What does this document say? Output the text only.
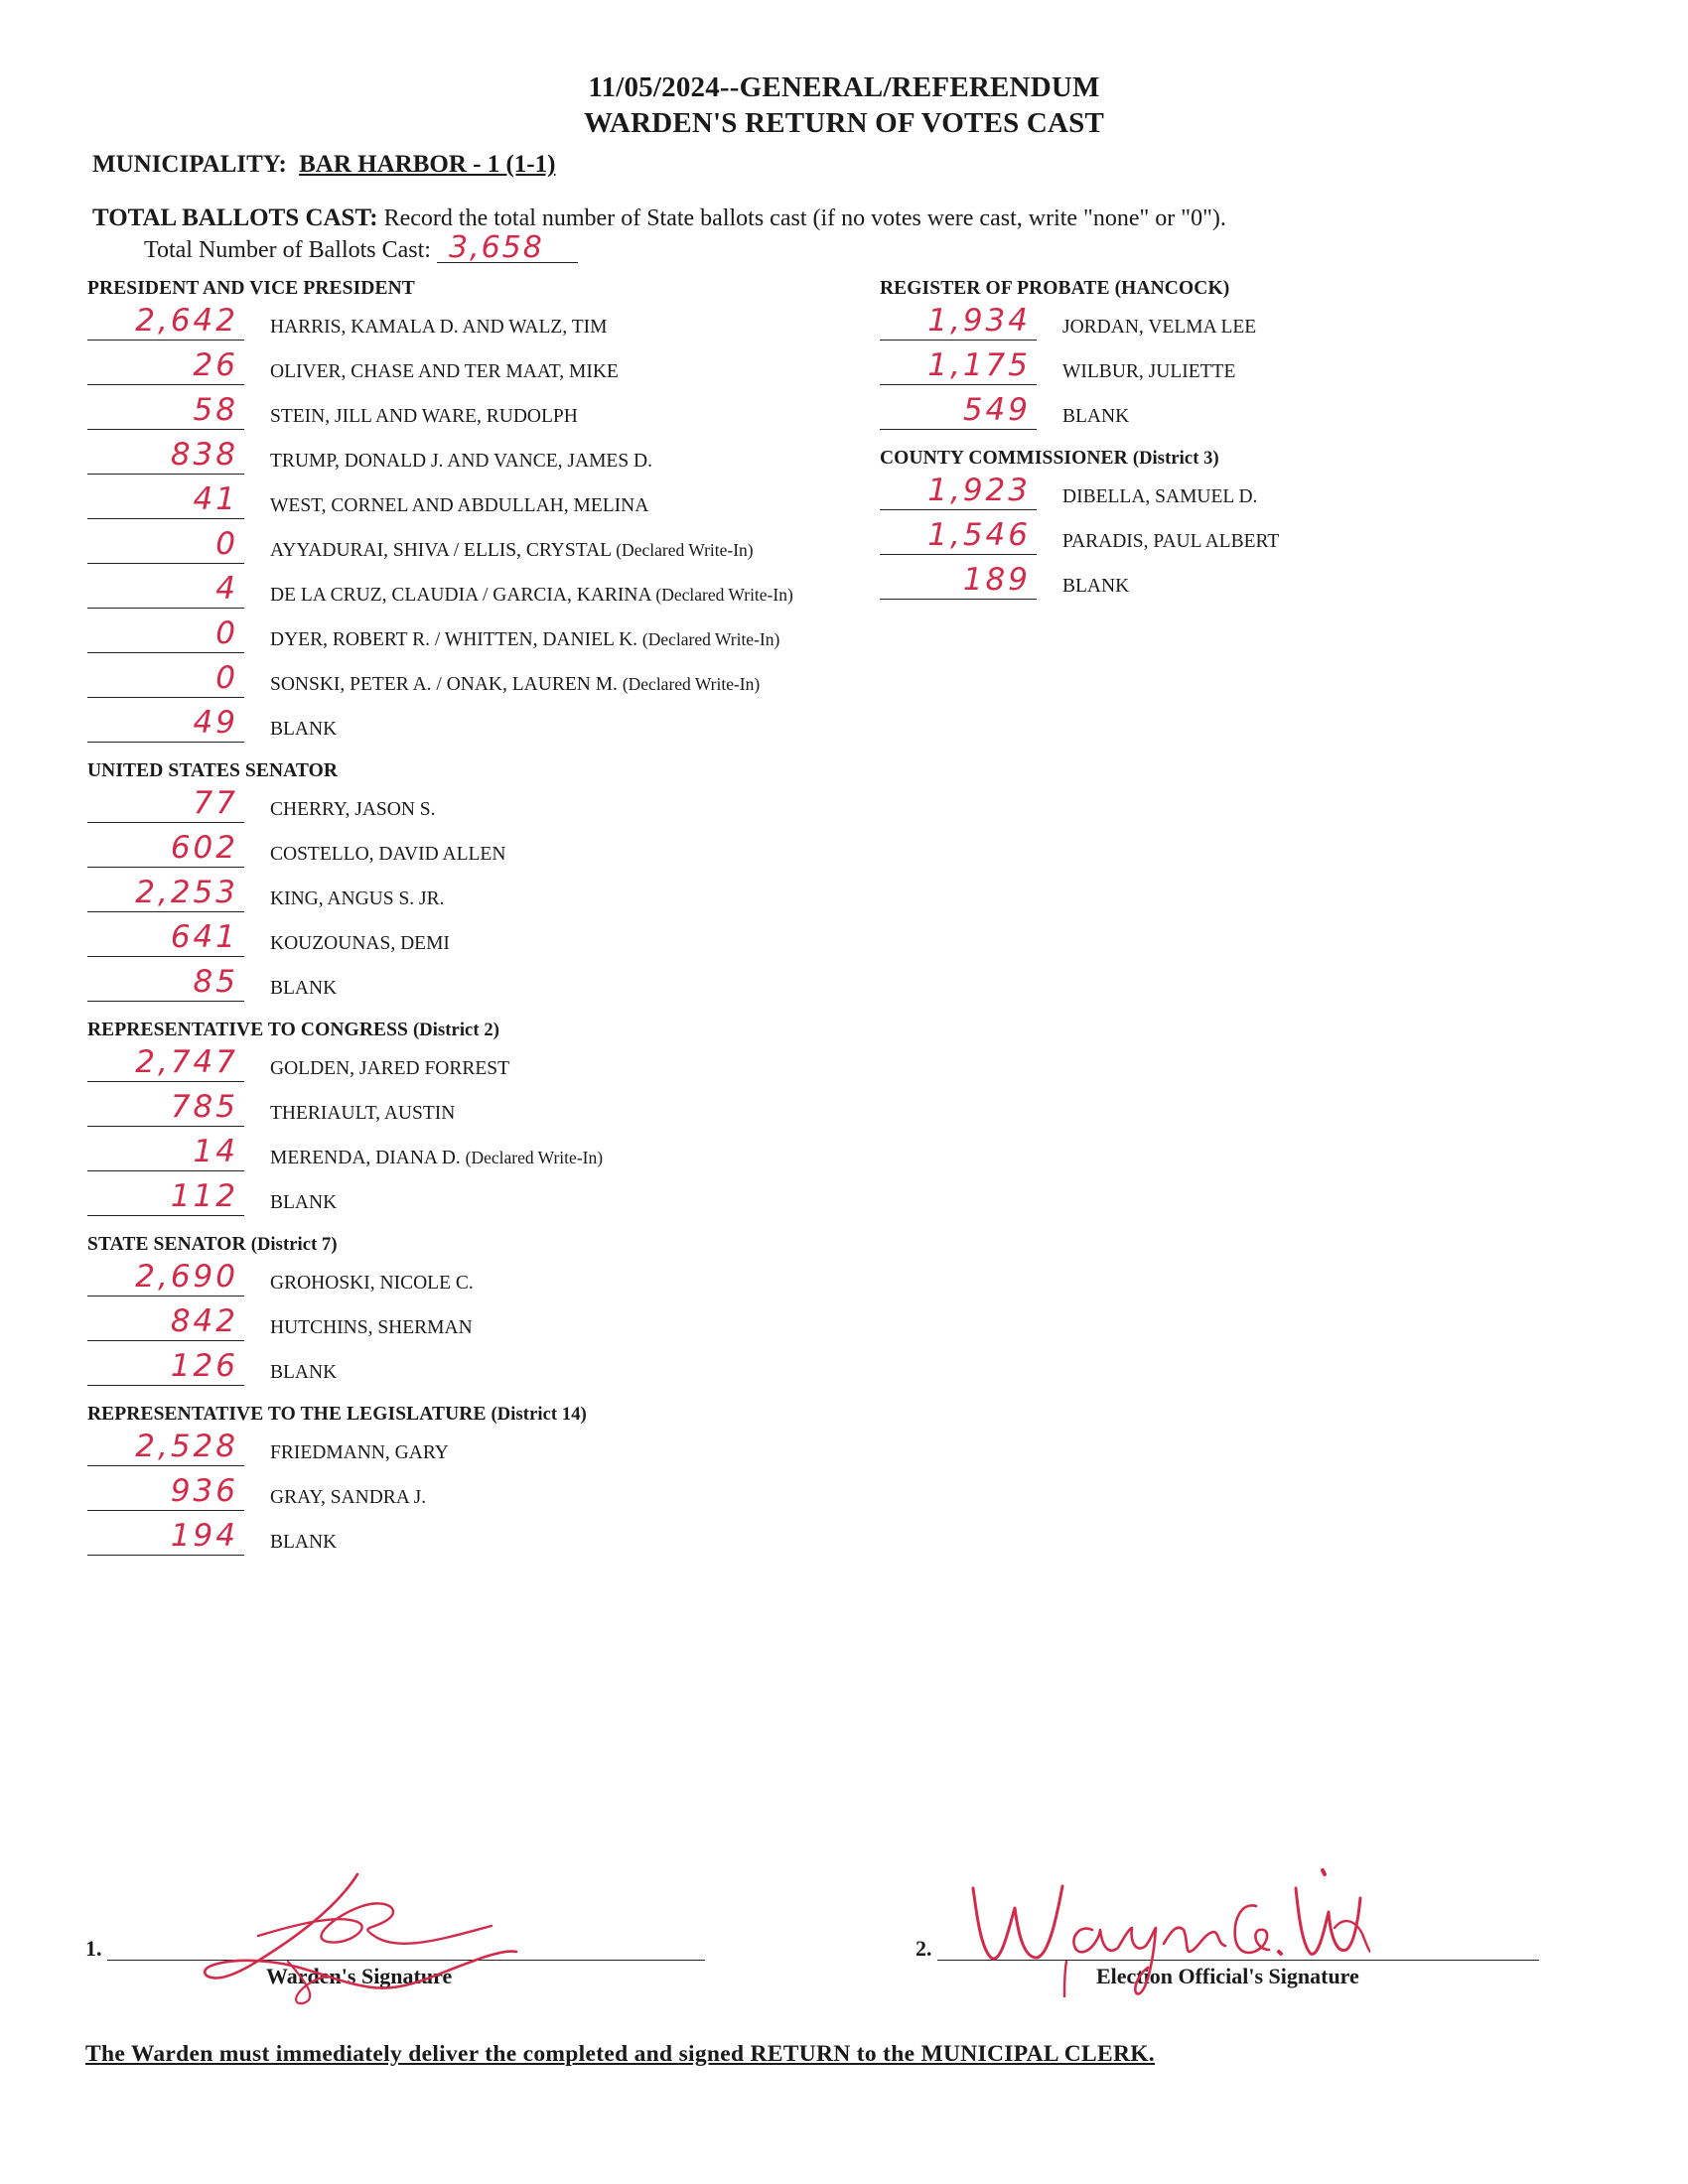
11/05/2024--GENERAL/REFERENDUM
WARDEN'S RETURN OF VOTES CAST
MUNICIPALITY: BAR HARBOR - 1 (1-1)
TOTAL BALLOTS CAST: Record the total number of State ballots cast (if no votes were cast, write "none" or "0").
Total Number of Ballots Cast: 3,658
PRESIDENT AND VICE PRESIDENT
2,642	HARRIS, KAMALA D. AND WALZ, TIM
26	OLIVER, CHASE AND TER MAAT, MIKE
58	STEIN, JILL AND WARE, RUDOLPH
838	TRUMP, DONALD J. AND VANCE, JAMES D.
41	WEST, CORNEL AND ABDULLAH, MELINA
0	AYYADURAI, SHIVA / ELLIS, CRYSTAL (Declared Write-In)
4	DE LA CRUZ, CLAUDIA / GARCIA, KARINA (Declared Write-In)
0	DYER, ROBERT R. / WHITTEN, DANIEL K. (Declared Write-In)
0	SONSKI, PETER A. / ONAK, LAUREN M. (Declared Write-In)
49	BLANK
UNITED STATES SENATOR
77	CHERRY, JASON S.
602	COSTELLO, DAVID ALLEN
2,253	KING, ANGUS S. JR.
641	KOUZOUNAS, DEMI
85	BLANK
REPRESENTATIVE TO CONGRESS (District 2)
2,747	GOLDEN, JARED FORREST
785	THERIAULT, AUSTIN
14	MERENDA, DIANA D. (Declared Write-In)
112	BLANK
STATE SENATOR (District 7)
2,690	GROHOSKI, NICOLE C.
842	HUTCHINS, SHERMAN
126	BLANK
REPRESENTATIVE TO THE LEGISLATURE (District 14)
2,528	FRIEDMANN, GARY
936	GRAY, SANDRA J.
194	BLANK
REGISTER OF PROBATE (HANCOCK)
1,934	JORDAN, VELMA LEE
1,175	WILBUR, JULIETTE
549	BLANK
COUNTY COMMISSIONER (District 3)
1,923	DIBELLA, SAMUEL D.
1,546	PARADIS, PAUL ALBERT
189	BLANK
1.
Warden's Signature
2.
Election Official's Signature
The Warden must immediately deliver the completed and signed RETURN to the MUNICIPAL CLERK.
